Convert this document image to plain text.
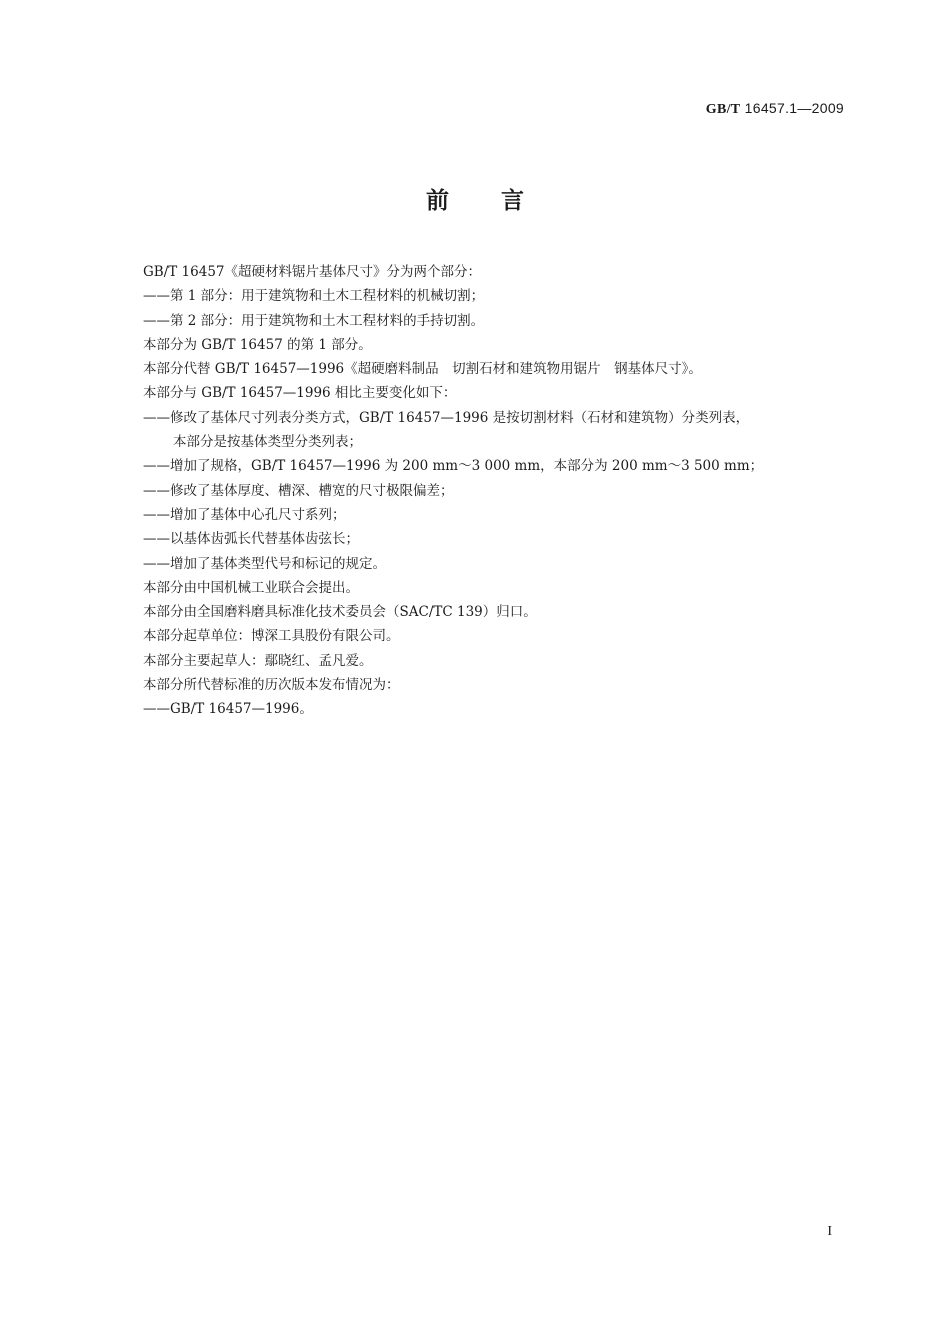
GB/T 16457.1—2009
前言
GB/T 16457《超硬材料锯片基体尺寸》分为两个部分：
——第 1 部分：用于建筑物和土木工程材料的机械切割；
——第 2 部分：用于建筑物和土木工程材料的手持切割。
本部分为 GB/T 16457 的第 1 部分。
本部分代替 GB/T 16457—1996《超硬磨料制品　切割石材和建筑物用锯片　钢基体尺寸》。
本部分与 GB/T 16457—1996 相比主要变化如下：
——修改了基体尺寸列表分类方式，GB/T 16457—1996 是按切割材料（石材和建筑物）分类列表，
本部分是按基体类型分类列表；
——增加了规格，GB/T 16457—1996 为 200 mm～3 000 mm，本部分为 200 mm～3 500 mm；
——修改了基体厚度、槽深、槽宽的尺寸极限偏差；
——增加了基体中心孔尺寸系列；
——以基体齿弧长代替基体齿弦长；
——增加了基体类型代号和标记的规定。
本部分由中国机械工业联合会提出。
本部分由全国磨料磨具标准化技术委员会（SAC/TC 139）归口。
本部分起草单位：博深工具股份有限公司。
本部分主要起草人：鄢晓红、孟凡爱。
本部分所代替标准的历次版本发布情况为：
——GB/T 16457—1996。
I
